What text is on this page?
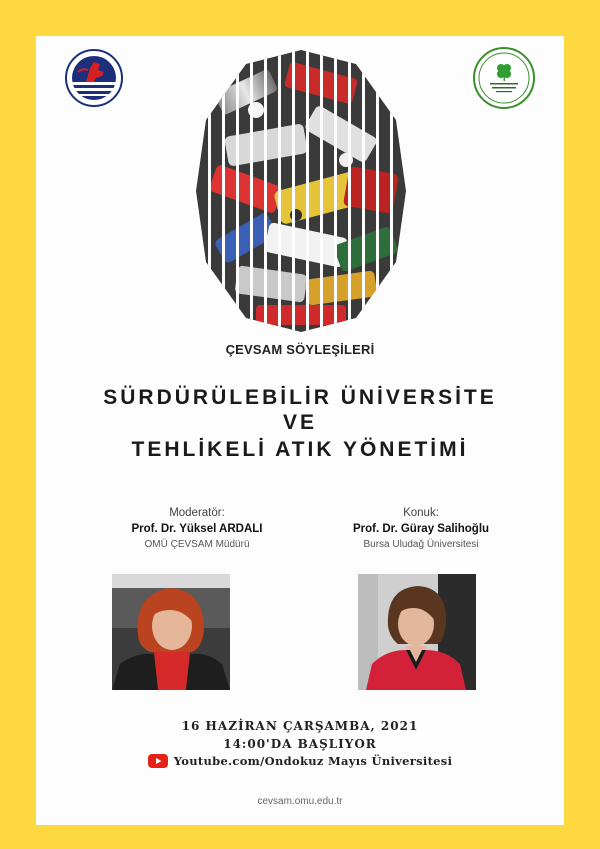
ÇEVSAM SÖYLEŞİLERİ
SÜRDÜRÜLEBİLİR ÜNİVERSİTE
VE
TEHLİKELİ ATIK YÖNETİMİ
Moderatör:
Prof. Dr. Yüksel ARDALI
OMÜ ÇEVSAM Müdürü
Konuk:
Prof. Dr. Güray Salihoğlu
Bursa Uludağ Üniversitesi
16 HAZİRAN ÇARŞAMBA, 2021
14:00'DA BAŞLIYOR
Youtube.com/Ondokuz Mayıs Üniversitesi
cevsam.omu.edu.tr
